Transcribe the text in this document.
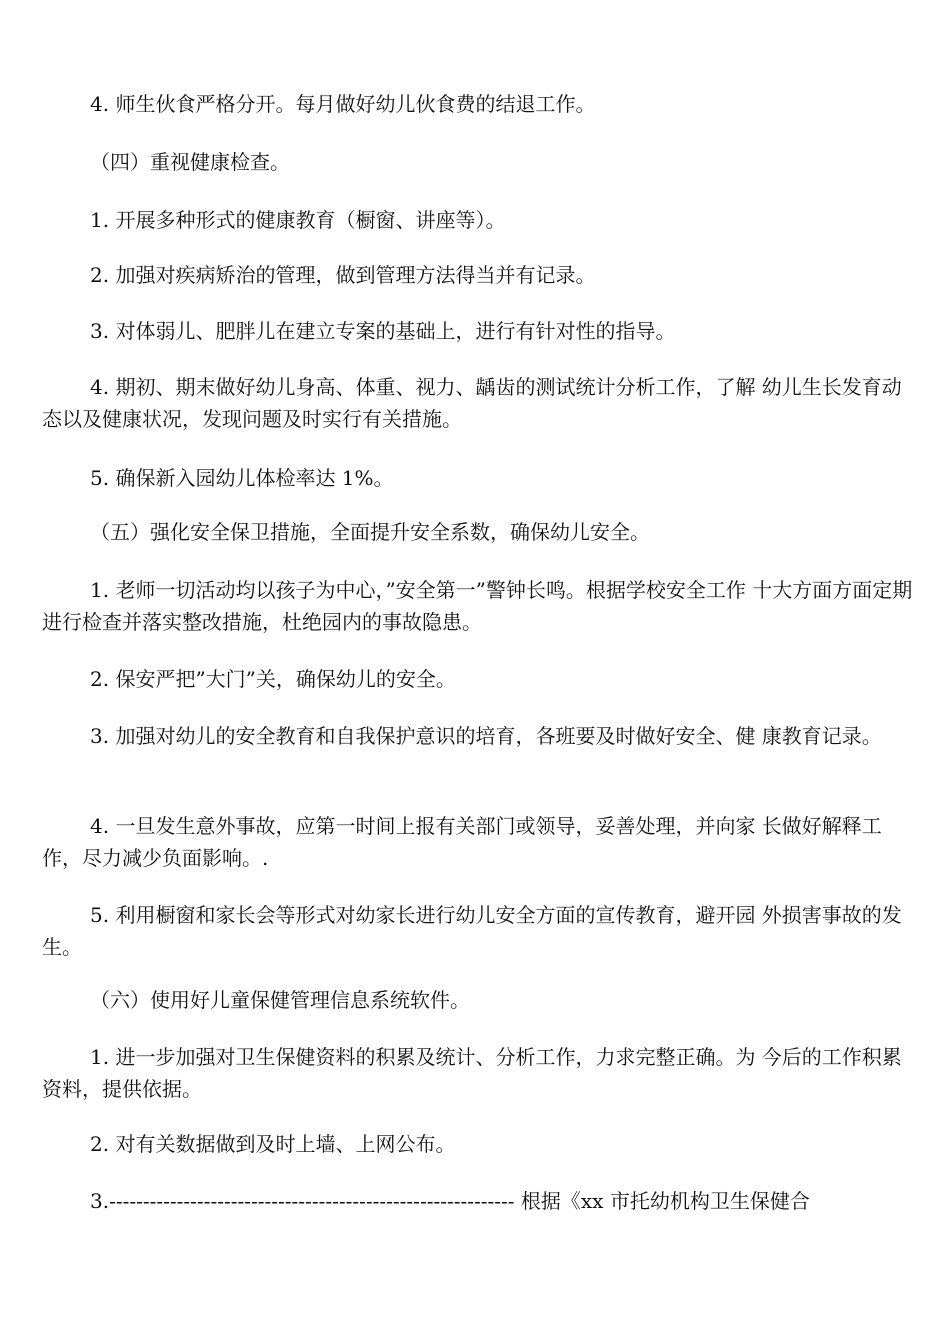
4. 师生伙食严格分开。每月做好幼儿伙食费的结退工作。

（四）重视健康检查。

1. 开展多种形式的健康教育（橱窗、讲座等）。

2. 加强对疾病矫治的管理，做到管理方法得当并有记录。

3. 对体弱儿、肥胖儿在建立专案的基础上，进行有针对性的指导。

4. 期初、期末做好幼儿身高、体重、视力、龋齿的测试统计分析工作，了解 幼儿生长发育动态以及健康状况，发现问题及时实行有关措施。

5. 确保新入园幼儿体检率达 1%。

（五）强化安全保卫措施，全面提升安全系数，确保幼儿安全。

1. 老师一切活动均以孩子为中心，”安全第一”警钟长鸣。根据学校安全工作 十大方面方面定期进行检查并落实整改措施，杜绝园内的事故隐患。

2. 保安严把”大门”关，确保幼儿的安全。

3. 加强对幼儿的安全教育和自我保护意识的培育，各班要及时做好安全、健 康教育记录。

4. 一旦发生意外事故，应第一时间上报有关部门或领导，妥善处理，并向家 长做好解释工作，尽力减少负面影响。.

5. 利用橱窗和家长会等形式对幼家长进行幼儿安全方面的宣传教育，避开园 外损害事故的发生。

（六）使用好儿童保健管理信息系统软件。

1. 进一步加强对卫生保健资料的积累及统计、分析工作，力求完整正确。为 今后的工作积累资料，提供依据。

2. 对有关数据做到及时上墙、上网公布。

3.------------------------------------------------------------ 根据《xx 市托幼机构卫生保健合
